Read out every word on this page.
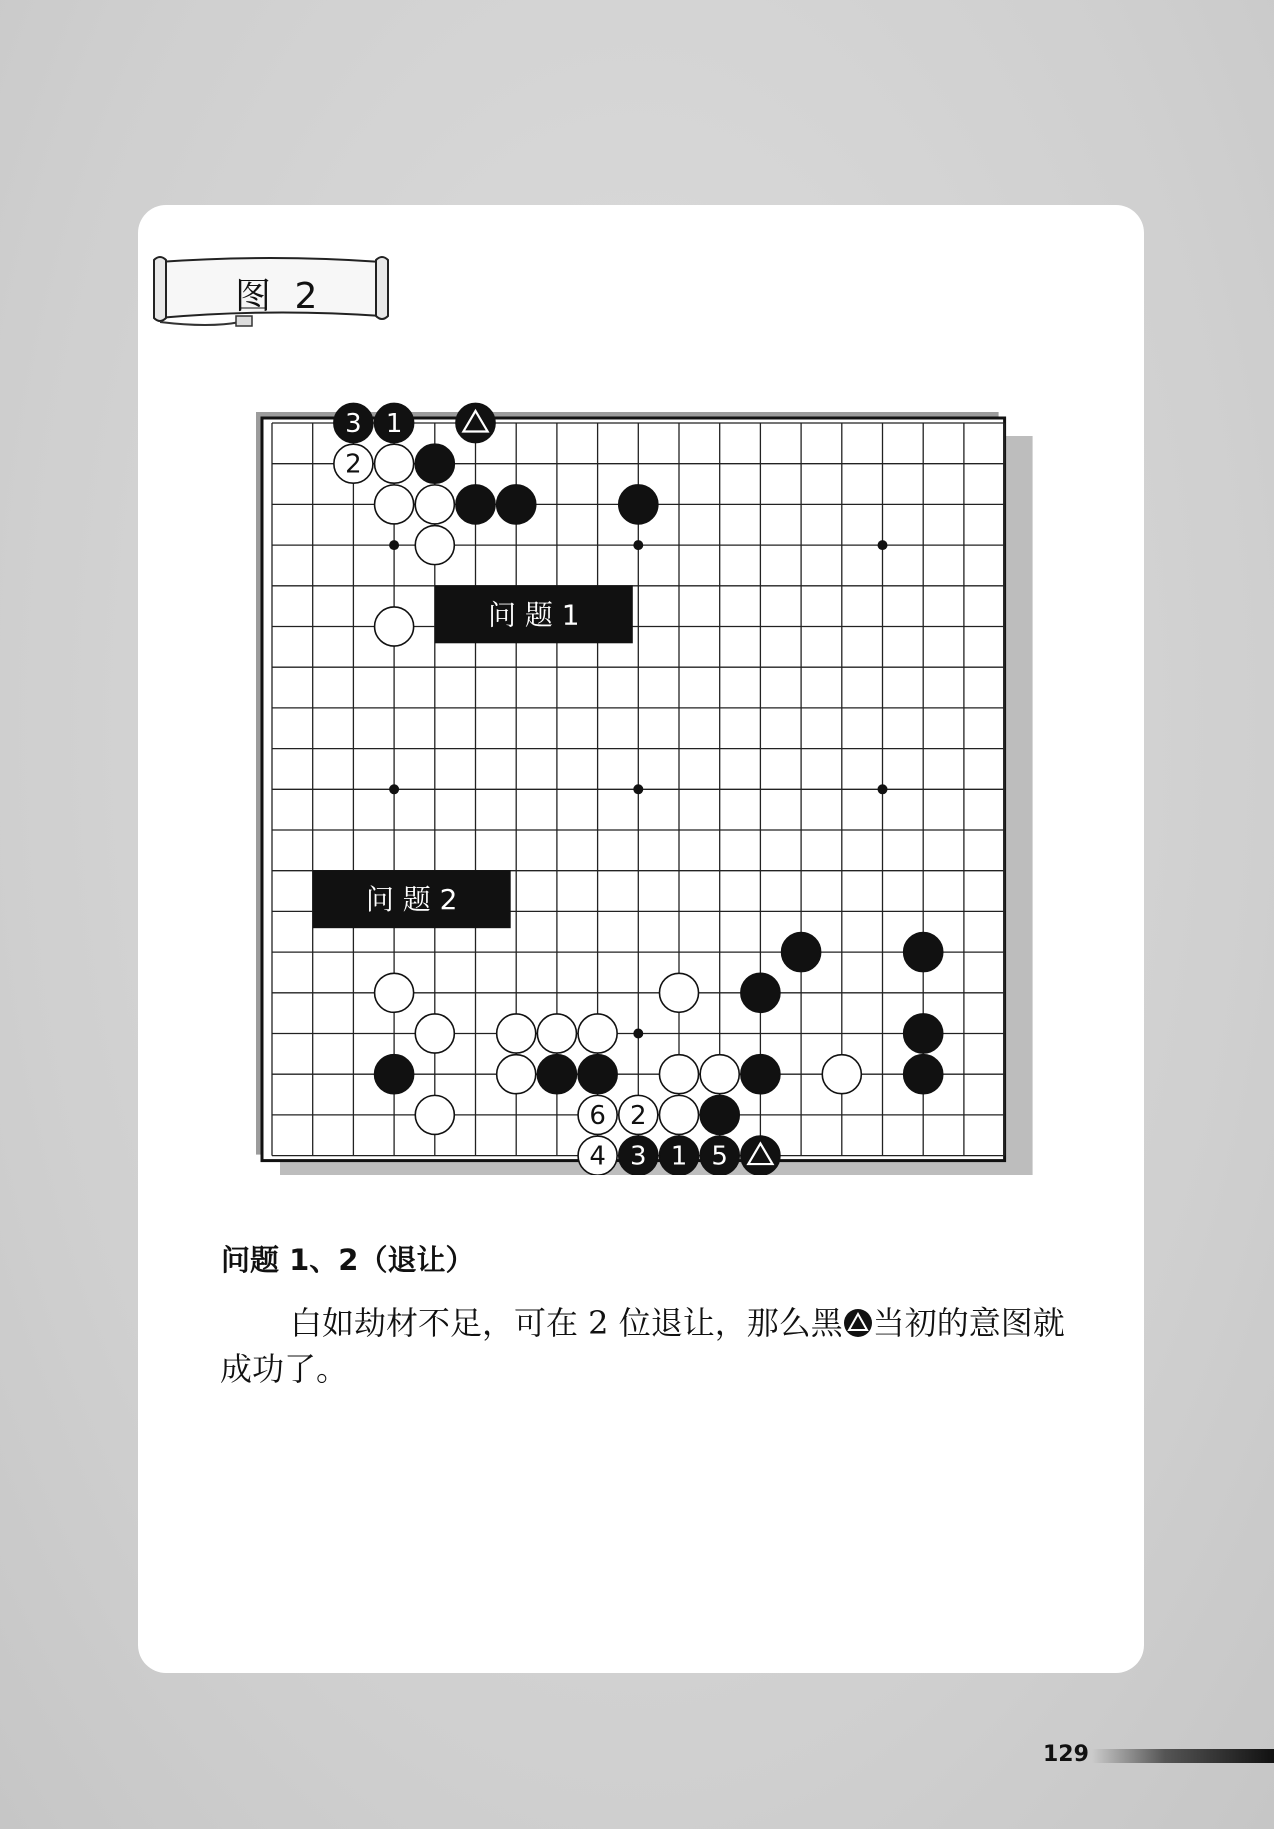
图 2
问 题 1
问 题 2
3 1
2
6 2
4 3 1 5
问题 1、2（退让）
白如劫材不足，可在 2 位退让，那么黑 当初的意图就成功了。
129
